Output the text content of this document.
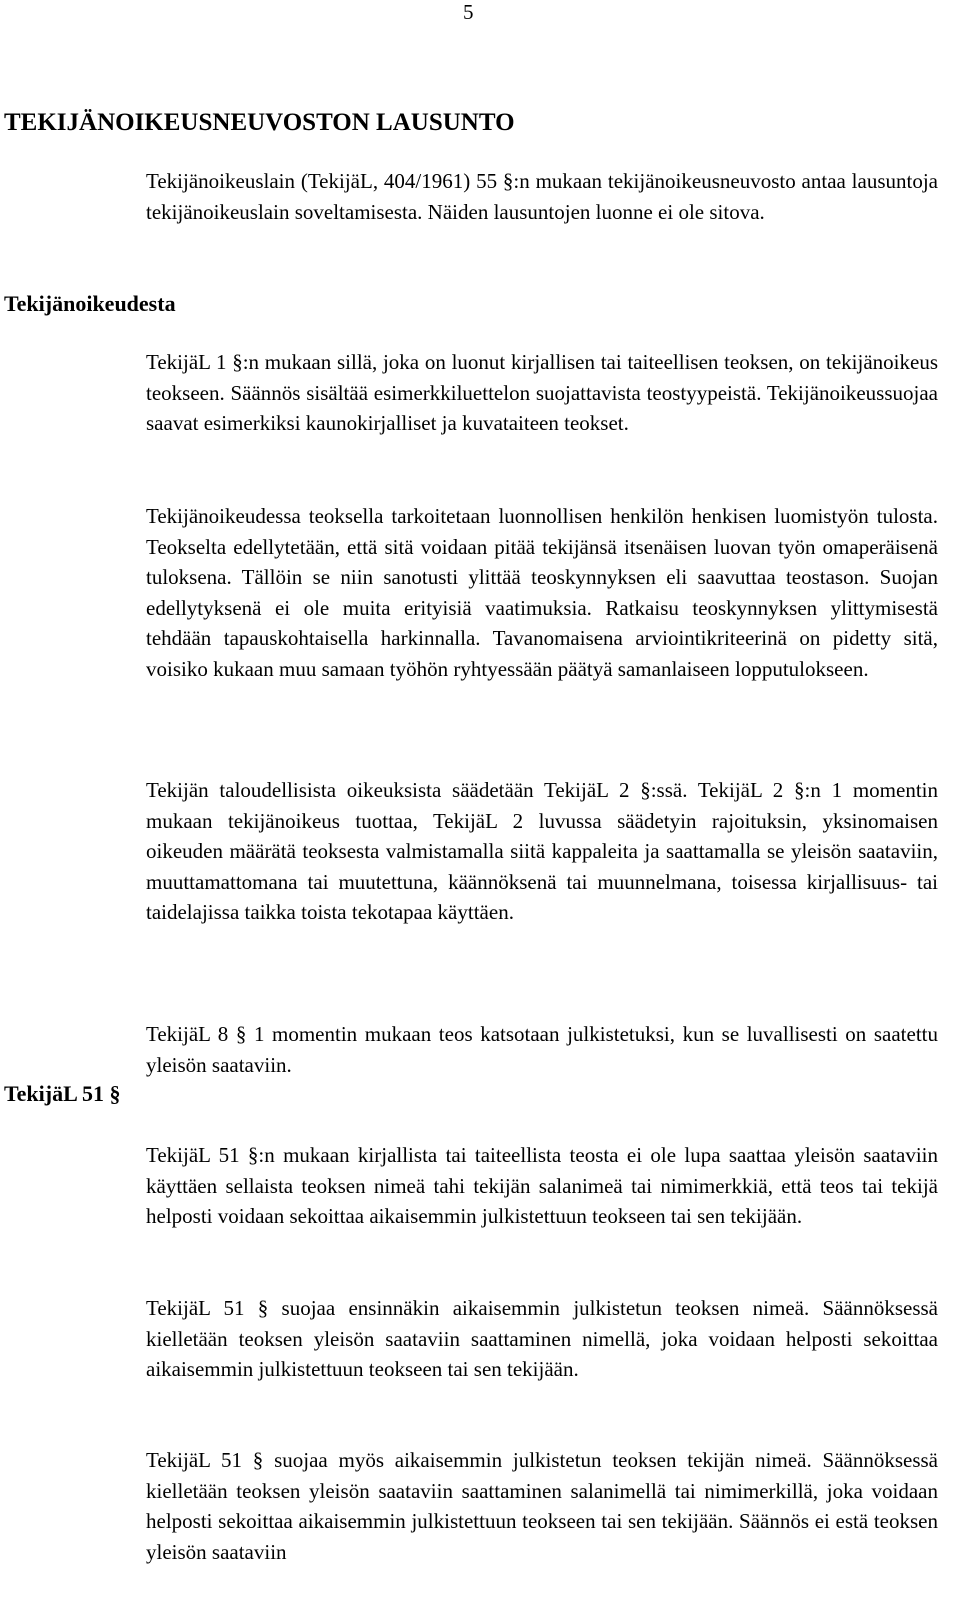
5
TEKIJÄNOIKEUSNEUVOSTON LAUSUNTO
Tekijänoikeudesta
TekijäL 51 §

Tekijänoikeuslain (TekijäL, 404/1961) 55 §:n mukaan tekijänoikeusneuvosto antaa lausuntoja tekijänoikeuslain soveltamisesta. Näiden lausuntojen luonne ei ole sitova.

TekijäL 1 §:n mukaan sillä, joka on luonut kirjallisen tai taiteellisen teoksen, on tekijänoikeus teokseen. Säännös sisältää esimerkkiluettelon suojattavista teostyypeistä. Tekijänoikeussuojaa saavat esimerkiksi kaunokirjalliset ja kuvataiteen teokset.

Tekijänoikeudessa teoksella tarkoitetaan luonnollisen henkilön henkisen luomistyön tulosta. Teokselta edellytetään, että sitä voidaan pitää tekijänsä itsenäisen luovan työn omaperäisenä tuloksena. Tällöin se niin sanotusti ylittää teoskynnyksen eli saavuttaa teostason. Suojan edellytyksenä ei ole muita erityisiä vaatimuksia. Ratkaisu teoskynnyksen ylittymisestä tehdään tapauskohtaisella harkinnalla. Tavanomaisena arviointikriteerinä on pidetty sitä, voisiko kukaan muu samaan työhön ryhtyessään päätyä samanlaiseen lopputulokseen.

Tekijän taloudellisista oikeuksista säädetään TekijäL 2 §:ssä. TekijäL 2 §:n 1 momentin mukaan tekijänoikeus tuottaa, TekijäL 2 luvussa säädetyin rajoituksin, yksinomaisen oikeuden määrätä teoksesta valmistamalla siitä kappaleita ja saattamalla se yleisön saataviin, muuttamattomana tai muutettuna, käännöksenä tai muunnelmana, toisessa kirjallisuus- tai taidelajissa taikka toista tekotapaa käyttäen.

TekijäL 8 § 1 momentin mukaan teos katsotaan julkistetuksi, kun se luvallisesti on saatettu yleisön saataviin.

TekijäL 51 §:n mukaan kirjallista tai taiteellista teosta ei ole lupa saattaa yleisön saataviin käyttäen sellaista teoksen nimeä tahi tekijän salanimeä tai nimimerkkiä, että teos tai tekijä helposti voidaan sekoittaa aikaisemmin julkistettuun teokseen tai sen tekijään.

TekijäL 51 § suojaa ensinnäkin aikaisemmin julkistetun teoksen nimeä. Säännöksessä kielletään teoksen yleisön saataviin saattaminen nimellä, joka voidaan helposti sekoittaa aikaisemmin julkistettuun teokseen tai sen tekijään.

TekijäL 51 § suojaa myös aikaisemmin julkistetun teoksen tekijän nimeä. Säännöksessä kielletään teoksen yleisön saataviin saattaminen salanimellä tai nimimerkillä, joka voidaan helposti sekoittaa aikaisemmin julkistettuun teokseen tai sen tekijään. Säännös ei estä teoksen yleisön saataviin
